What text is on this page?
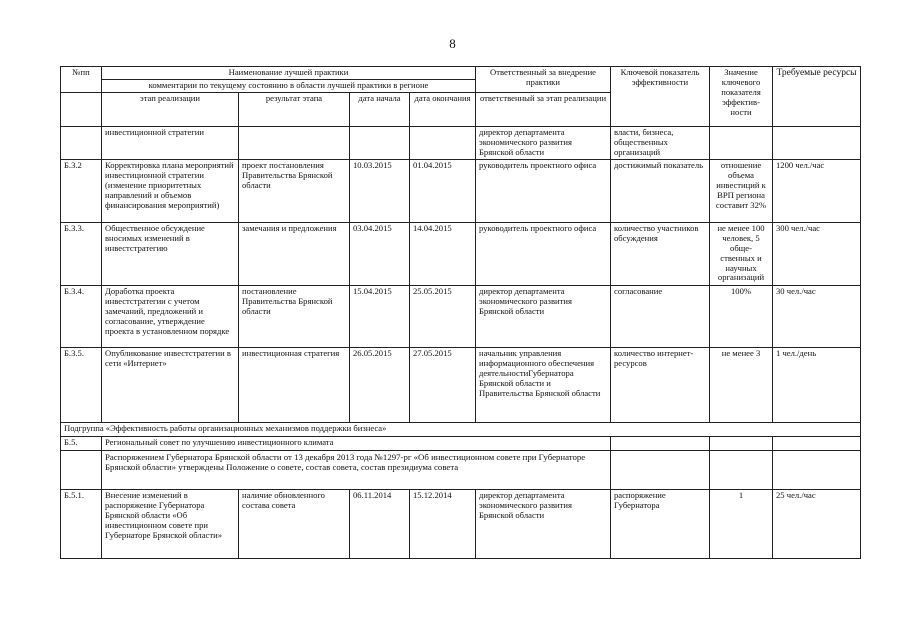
8
№пп	Наименование лучшей практики				Ответственный за внедрение практики	Ключевой показатель эффективности	Значение ключевого показателя эффектив-ности	Требуемые ресурсы
	комментарии по текущему состоянию в области лучшей практики в регионе							
	этап реализации	результат этапа	дата начала	дата окончания	ответственный за этап реализации			
	инвестиционной стратегии				директор департамента экономического развития Брянской области	власти, бизнеса, общественных организаций		
Б.3.2	Корректировка плана мероприятий инвестиционной стратегии (изменение приоритетных направлений и объемов финансирования мероприятий)	проект постановления Правительства Брянской области	10.03.2015	01.04.2015	руководитель проектного офиса	достижимый показатель	отношение объема инвестиций к ВРП региона составит 32%	1200 чел./час
Б.3.3.	Общественное обсуждение вносимых изменений в инвестстратегию	замечания и предложения	03.04.2015	14.04.2015	руководитель проектного офиса	количество участников обсуждения	не менее 100 человек, 5 обще-ственных и научных организаций	300 чел./час
Б.3.4.	Доработка проекта инвестстратегии с учетом замечаний, предложений и согласование, утверждение проекта в установленном порядке	постановление Правительства Брянской области	15.04.2015	25.05.2015	директор департамента экономического развития Брянской области	согласование	100%	30 чел./час
Б.3.5.	Опубликование инвестстратегии в сети «Интернет»	инвестиционная стратегия	26.05.2015	27.05.2015	начальник управления информационного обеспечения деятельностиГубернатора Брянской области и Правительства Брянской области	количество интернет-ресурсов	не менее 3	1 чел./день
Подгруппа «Эффективность работы организационных механизмов поддержки бизнеса»								
Б.5.	Региональный совет по улучшению инвестиционного климата							
	Распоряжением Губернатора Брянской области от 13 декабря 2013 года №1297-рг «Об инвестиционном совете при Губернаторе Брянской области» утверждены Положение о совете, состав совета, состав президиума совета							
Б.5.1.	Внесение изменений в распоряжение Губернатора Брянской области «Об инвестиционном совете при Губернаторе Брянской области»	наличие обновленного состава совета	06.11.2014	15.12.2014	директор департамента экономического развития Брянской области	распоряжение Губернатора	1	25 чел./час
